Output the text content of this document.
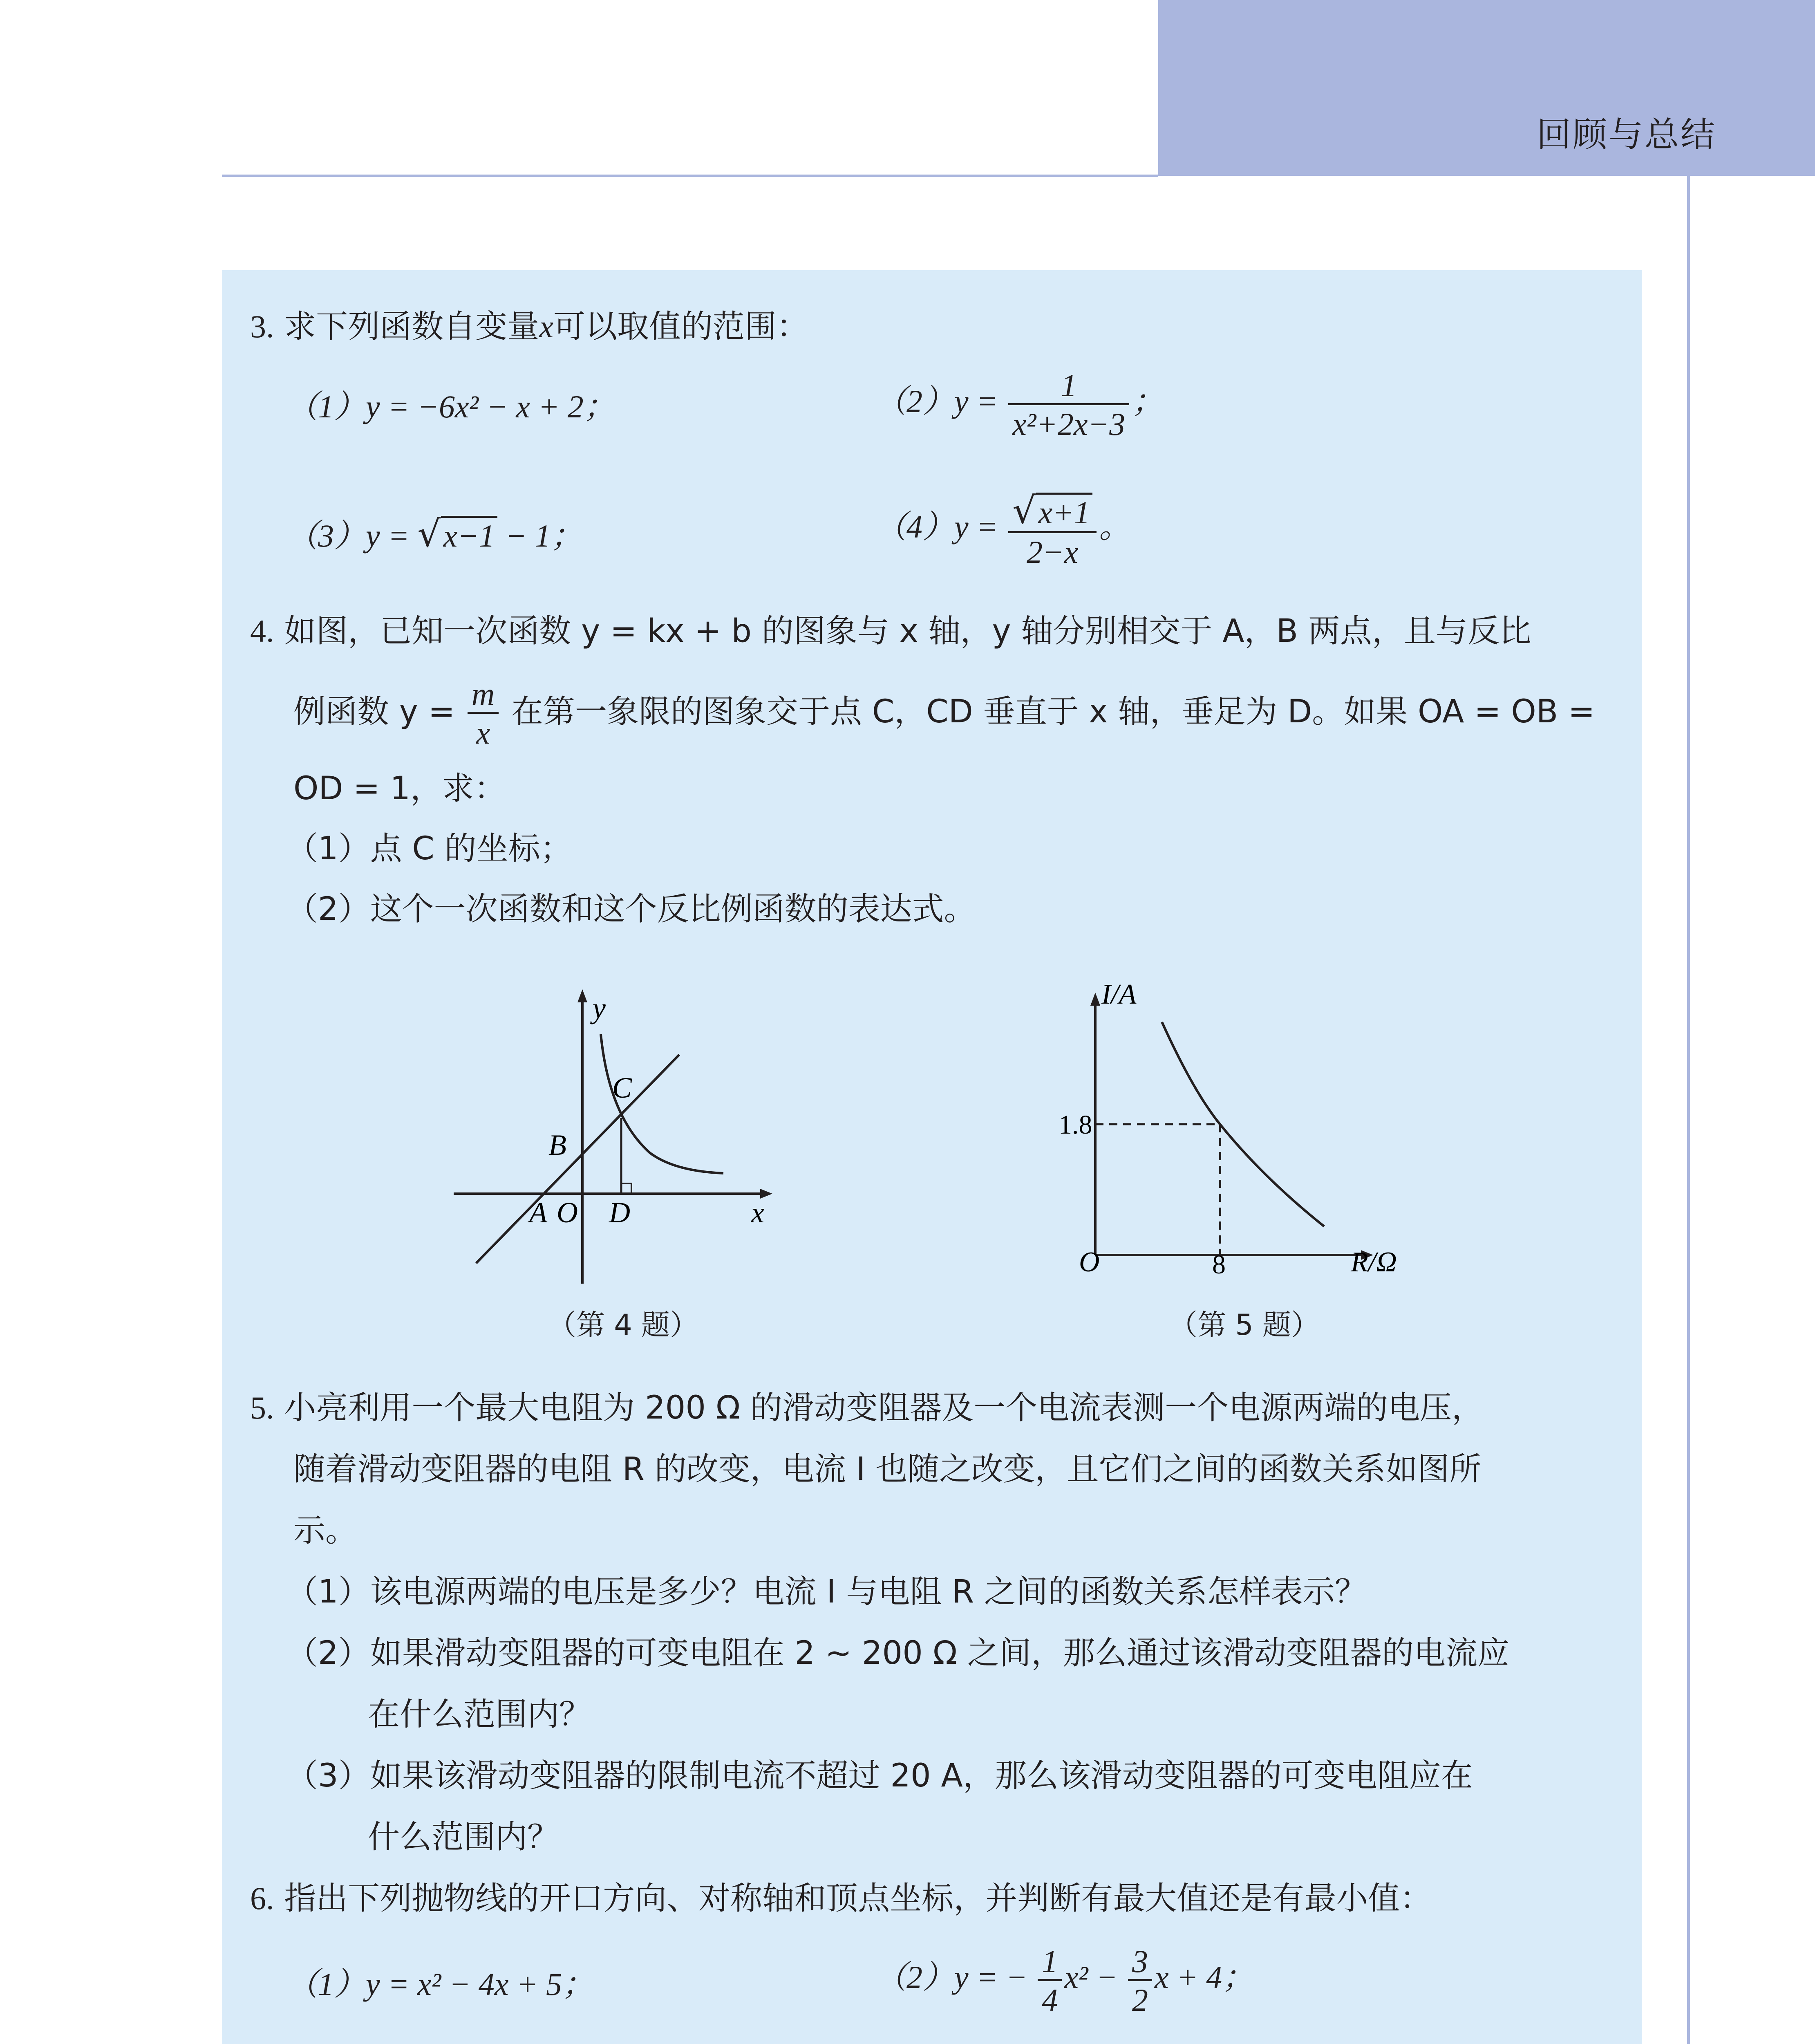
回顾与总结
3. 求下列函数自变量x可以取值的范围：
（1）y = −6x² − x + 2；	$(2)y = \frac{1}{\text{x²+2x−3}}$ ；
（3）y = √x−1 − 1；	$(4)y = \frac{√x+1}{2-x}$ 。
4. 如图，已知一次函数 y = kx + b 的图象与 x 轴，y 轴分别相交于 A，B 两点，且与反比
例函数 $y = \frac{m}{x}$ 在第一象限的图象交于点 C，CD 垂直于 x 轴，垂足为 D。如果 OA = OB =
OD = 1，求：
（1）点 C 的坐标；
（2）这个一次函数和这个反比例函数的表达式。
y
x
A O
B
C
D
（第 4 题）
I/A
R/Ω
O
1.8
8
（第 5 题）
5. 小亮利用一个最大电阻为 200 Ω 的滑动变阻器及一个电流表测一个电源两端的电压，
随着滑动变阻器的电阻 R 的改变，电流 I 也随之改变，且它们之间的函数关系如图所
示。
（1）该电源两端的电压是多少？电流 I 与电阻 R 之间的函数关系怎样表示？
（2）如果滑动变阻器的可变电阻在 2 ~ 200 Ω 之间，那么通过该滑动变阻器的电流应
在什么范围内？
（3）如果该滑动变阻器的限制电流不超过 20 A，那么该滑动变阻器的可变电阻应在
什么范围内？
6. 指出下列抛物线的开口方向、对称轴和顶点坐标，并判断有最大值还是有最小值：
（1）y = x² − 4x + 5；	（2）y = − $\frac{1}{4} x^2 - \frac{3}{2}$ x + 4；
